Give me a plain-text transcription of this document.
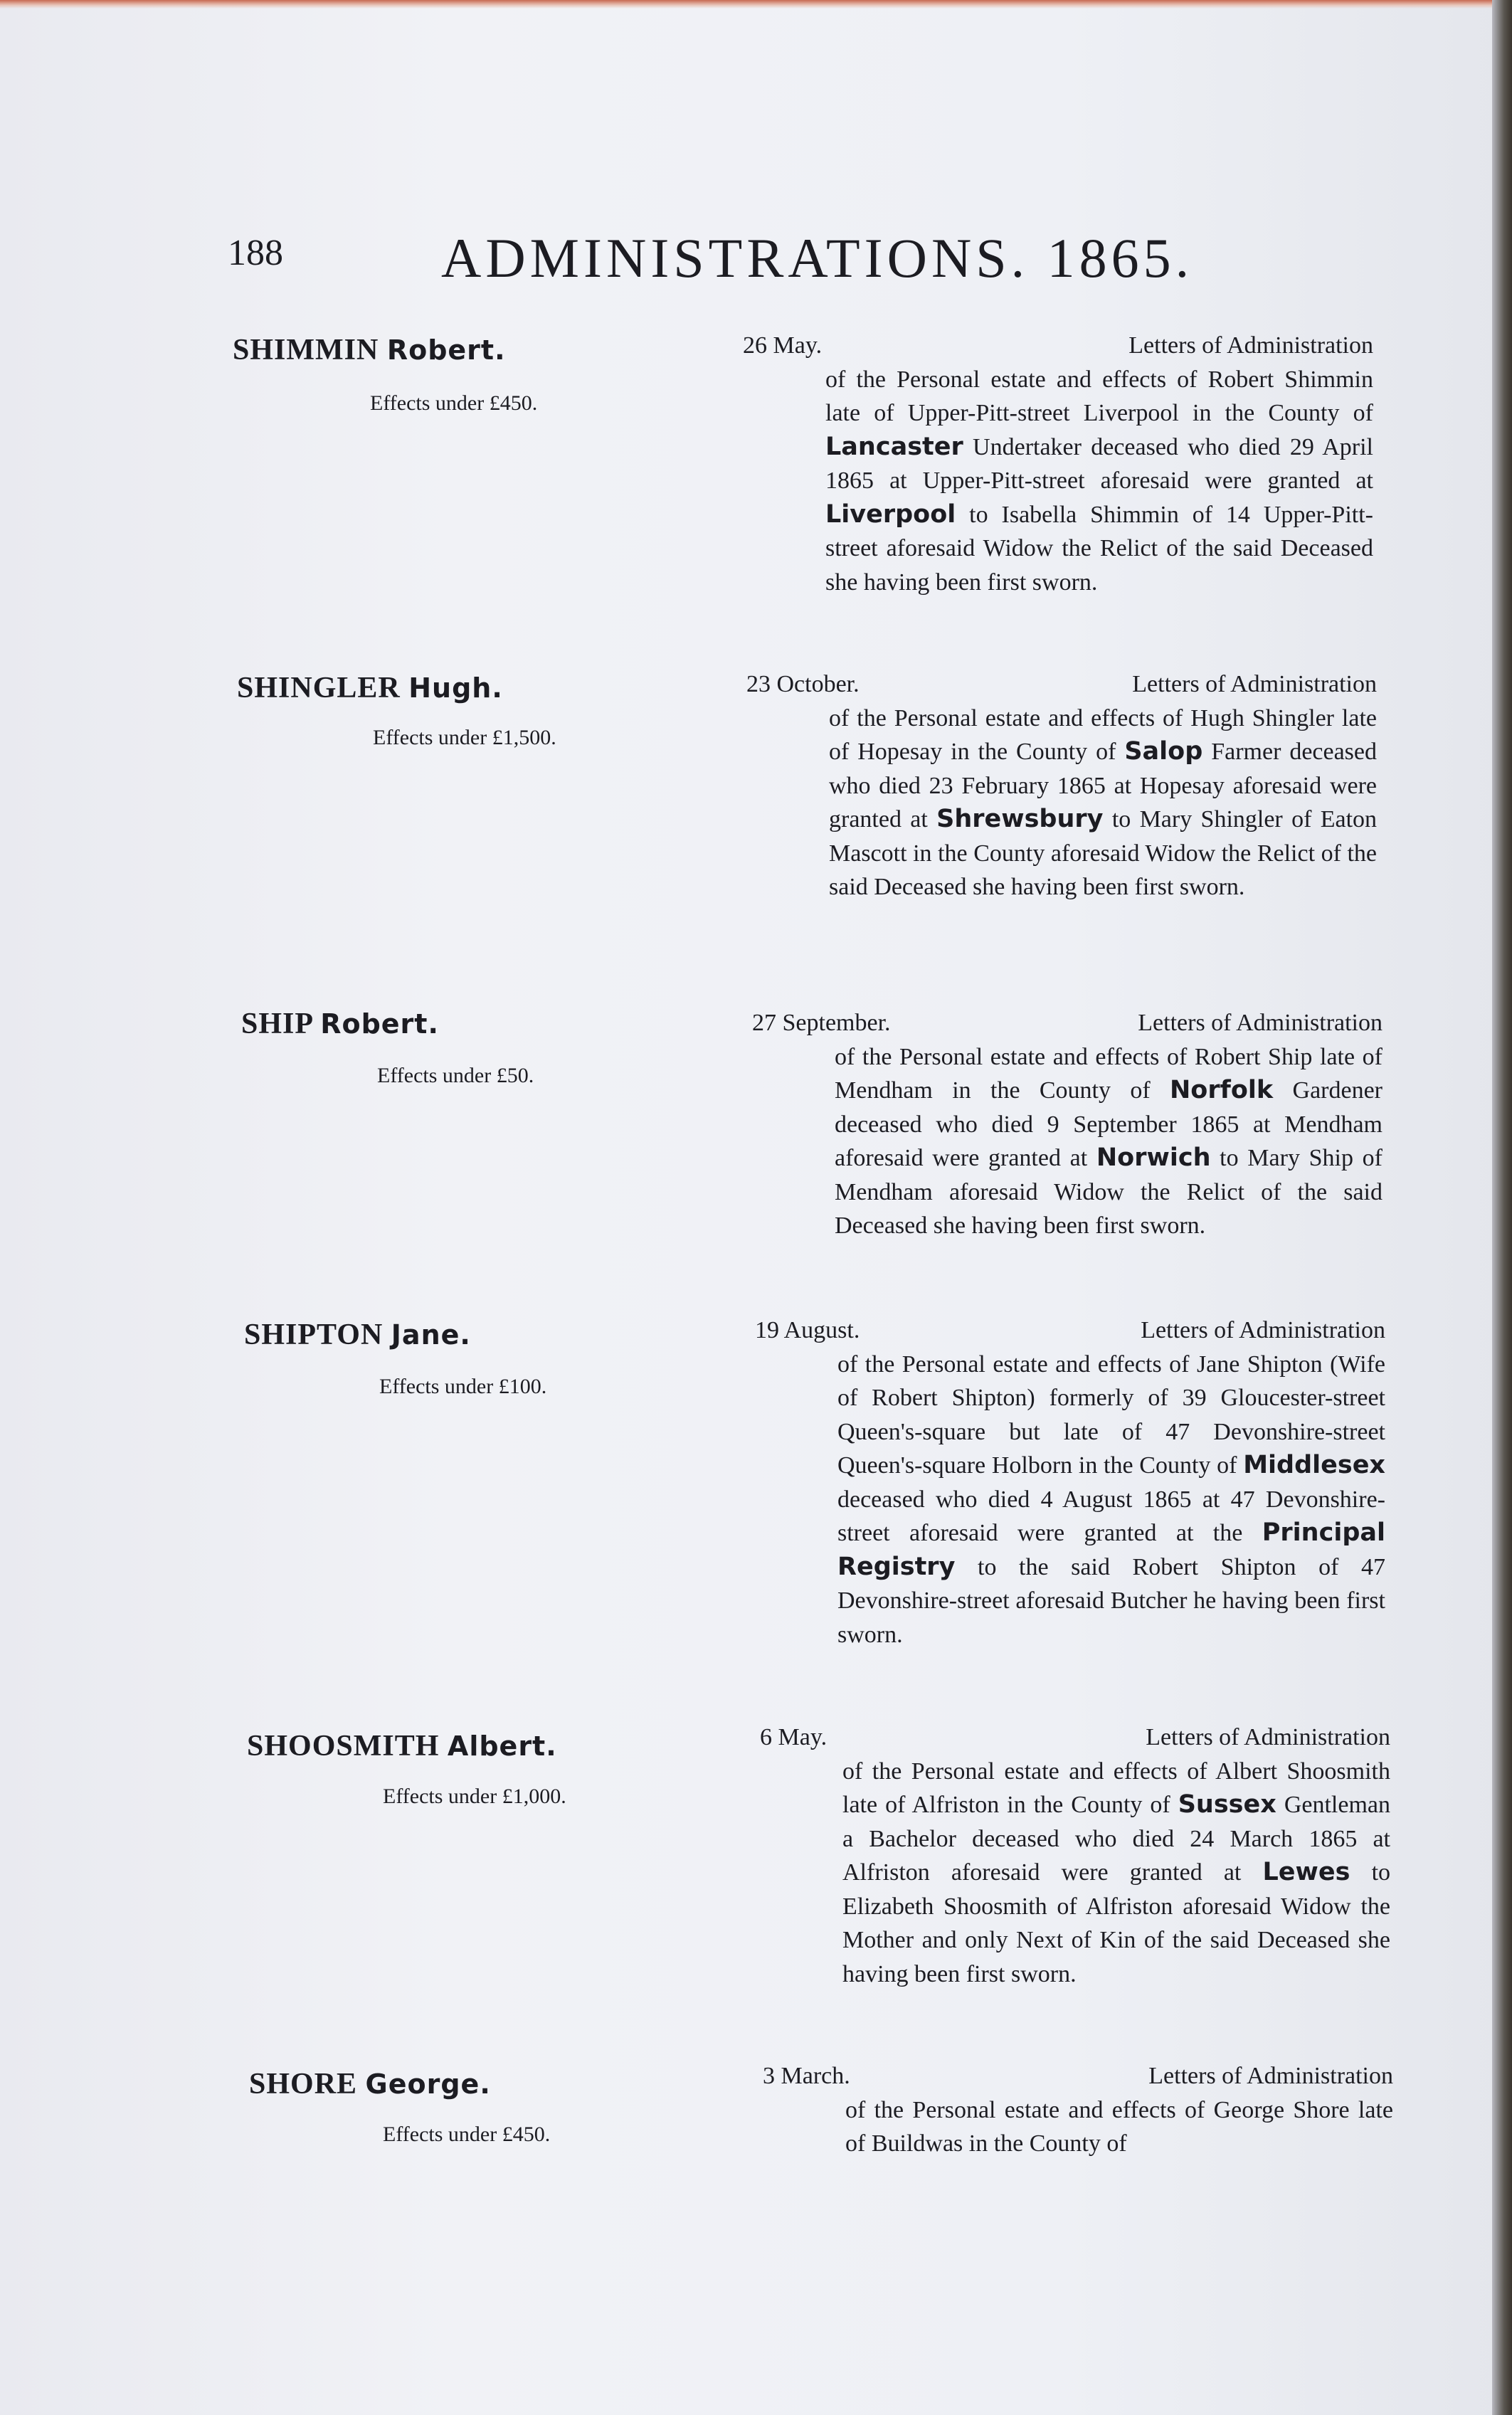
188	ADMINISTRATIONS. 1865.
SHIMMIN Robert.
Effects under £450.
26 May.	Letters of Administration
of the Personal estate and effects of Robert Shimmin late of Upper-Pitt-street Liverpool in the County of Lancaster Undertaker deceased who died 29 April 1865 at Upper-Pitt-street aforesaid were granted at Liverpool to Isabella Shimmin of 14 Upper-Pitt-street aforesaid Widow the Relict of the said Deceased she having been first sworn.
SHINGLER Hugh.
Effects under £1,500.
23 October.	Letters of Administration
of the Personal estate and effects of Hugh Shingler late of Hopesay in the County of Salop Farmer deceased who died 23 February 1865 at Hopesay aforesaid were granted at Shrewsbury to Mary Shingler of Eaton Mascott in the County aforesaid Widow the Relict of the said Deceased she having been first sworn.
SHIP Robert.
Effects under £50.
27 September.	Letters of Administration
of the Personal estate and effects of Robert Ship late of Mendham in the County of Norfolk Gardener deceased who died 9 September 1865 at Mendham aforesaid were granted at Norwich to Mary Ship of Mendham aforesaid Widow the Relict of the said Deceased she having been first sworn.
SHIPTON Jane.
Effects under £100.
19 August.	Letters of Administration
of the Personal estate and effects of Jane Shipton (Wife of Robert Shipton) formerly of 39 Gloucester-street Queen's-square but late of 47 Devonshire-street Queen's-square Holborn in the County of Middlesex deceased who died 4 August 1865 at 47 Devonshire-street aforesaid were granted at the Principal Registry to the said Robert Shipton of 47 Devonshire-street aforesaid Butcher he having been first sworn.
SHOOSMITH Albert.
Effects under £1,000.
6 May.	Letters of Administration
of the Personal estate and effects of Albert Shoosmith late of Alfriston in the County of Sussex Gentleman a Bachelor deceased who died 24 March 1865 at Alfriston aforesaid were granted at Lewes to Elizabeth Shoosmith of Alfriston aforesaid Widow the Mother and only Next of Kin of the said Deceased she having been first sworn.
SHORE George.
Effects under £450.
3 March.	Letters of Administration
of the Personal estate and effects of George Shore late of Buildwas in the County of
